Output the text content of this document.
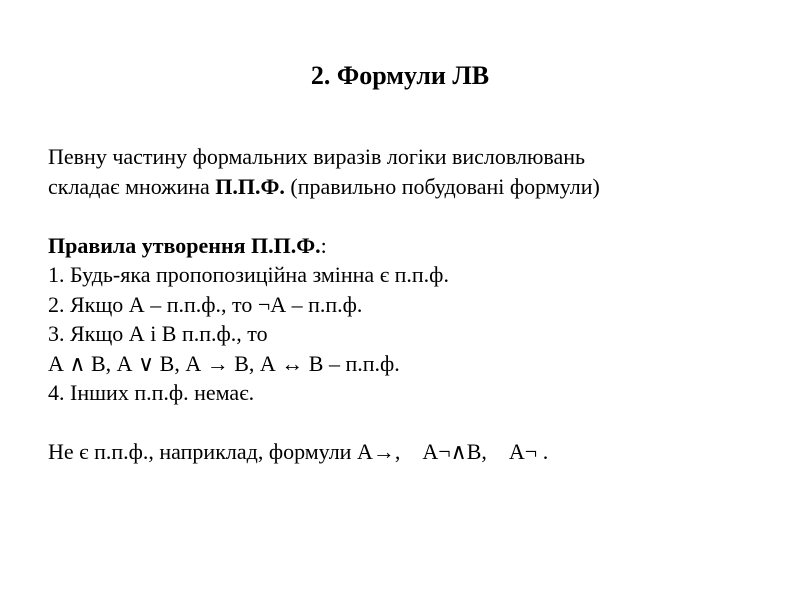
2. Формули ЛВ
Певну частину формальних виразів логіки висловлювань
складає множина П.П.Ф. (правильно побудовані формули)
Правила утворення П.П.Ф.:
1. Будь-яка пропопозиційна змінна є п.п.ф.
2. Якщо А – п.п.ф., то ¬А – п.п.ф.
3. Якщо А і В п.п.ф., то
А ∧ В, А ∨ В, А → В, А ↔ В – п.п.ф.
4. Інших п.п.ф. немає.
Не є п.п.ф., наприклад, формули А→,    А¬∧В,    А¬ .
